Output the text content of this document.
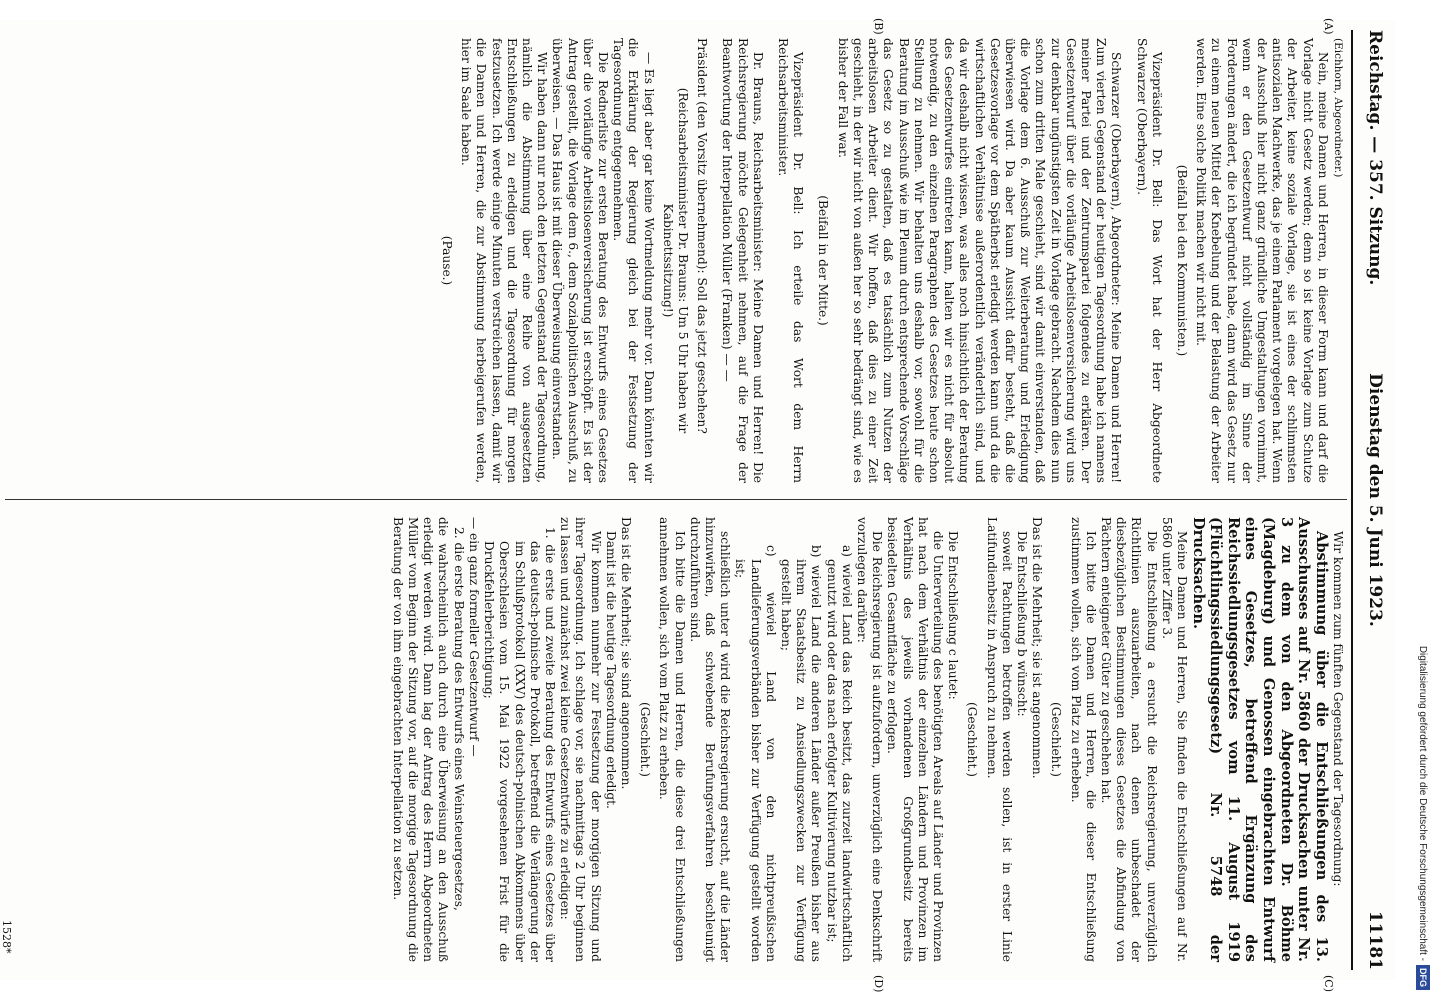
Reichstag. — 357. Sitzung.
Dienstag den 5. Juni 1923.
11181
(A)
(B)
(C)
(D)

(Eichhorn, Abgeordneter.)

Nein, meine Damen und Herren, in dieser Form kann und darf die Vorlage nicht Gesetz werden; denn so ist keine Vorlage zum Schutze der Arbeiter, keine soziale Vorlage, sie ist eines der schlimmsten antisozialen Machwerke, das je einem Parlament vorgelegen hat. Wenn der Ausschuß hier nicht ganz gründliche Umgestaltungen vornimmt, wenn er den Gesetzentwurf nicht vollständig im Sinne der Forderungen ändert, die ich begründet habe, dann wird das Gesetz nur zu einem neuen Mittel der Knebelung und der Belastung der Arbeiter werden. Eine solche Politik machen wir nicht mit.

(Beifall bei den Kommunisten.)

Vizepräsident Dr. Bell: Das Wort hat der Herr Abgeordnete Schwarzer (Oberbayern).

Schwarzer (Oberbayern), Abgeordneter: Meine Damen und Herren! Zum vierten Gegenstand der heutigen Tagesordnung habe ich namens meiner Partei und der Zentrumspartei folgendes zu erklären. Der Gesetzentwurf über die vorläufige Arbeitslosenversicherung wird uns zur denkbar ungünstigsten Zeit in Vorlage gebracht. Nachdem dies nun schon zum dritten Male geschieht, sind wir damit einverstanden, daß die Vorlage dem 6. Ausschuß zur Weiterberatung und Erledigung überwiesen wird. Da aber kaum Aussicht dafür besteht, daß die Gesetzesvorlage vor dem Spätherbst erledigt werden kann und da die wirtschaftlichen Verhältnisse außerordentlich veränderlich sind, und da wir deshalb nicht wissen, was alles noch hinsichtlich der Beratung des Gesetzentwurfes eintreten kann, halten wir es nicht für absolut notwendig, zu den einzelnen Paragraphen des Gesetzes heute schon Stellung zu nehmen. Wir behalten uns deshalb vor, sowohl für die Beratung im Ausschuß wie im Plenum durch entsprechende Vorschläge das Gesetz so zu gestalten, daß es tatsächlich zum Nutzen der arbeitslosen Arbeiter dient. Wir hoffen, daß dies zu einer Zeit geschieht, in der wir nicht von außen her so sehr bedrängt sind, wie es bisher der Fall war.

(Beifall in der Mitte.)

Vizepräsident Dr. Bell: Ich erteile das Wort dem Herrn Reichsarbeitsminister.

Dr. Brauns, Reichsarbeitsminister: Meine Damen und Herren! Die Reichsregierung möchte Gelegenheit nehmen, auf die Frage der Beantwortung der Interpellation Müller (Franken) — —

Präsident (den Vorsitz übernehmend): Soll das jetzt geschehen?

(Reichsarbeitsminister Dr. Brauns: Um 5 Uhr haben wir Kabinettssitzung!)

— Es liegt aber gar keine Wortmeldung mehr vor. Dann könnten wir die Erklärung der Regierung gleich bei der Festsetzung der Tagesordnung entgegennehmen.

Die Rednerliste zur ersten Beratung des Entwurfs eines Gesetzes über die vorläufige Arbeitslosenversicherung ist erschöpft. Es ist der Antrag gestellt, die Vorlage dem 6., dem Sozialpolitischen Ausschuß, zu überweisen. — Das Haus ist mit dieser Überweisung einverstanden.

Wir haben dann nur noch den letzten Gegenstand der Tagesordnung, nämlich die Abstimmung über eine Reihe von ausgesetzten Entschließungen zu erledigen und die Tagesordnung für morgen festzusetzen. Ich werde einige Minuten verstreichen lassen, damit wir die Damen und Herren, die zur Abstimmung herbeigerufen werden, hier im Saale haben.

(Pause.)

Wir kommen zum fünften Gegenstand der Tagesordnung:

Abstimmung über die Entschließungen des 13. Ausschusses auf Nr. 5860 der Drucksachen unter Nr. 3 zu dem von den Abgeordneten Dr. Böhme (Magdeburg) und Genossen eingebrachten Entwurf eines Gesetzes, betreffend Ergänzung des Reichssiedlungsgesetzes vom 11. August 1919 (Flüchtlingssiedlungsgesetz) Nr. 5748 der Drucksachen.

Meine Damen und Herren, Sie finden die Entschließungen auf Nr. 5860 unter Ziffer 3.

Die Entschließung a ersucht die Reichsregierung, unverzüglich Richtlinien auszuarbeiten, nach denen unbeschadet der diesbezüglichen Bestimmungen dieses Gesetzes die Abfindung von Pächtern enteigneter Güter zu geschehen hat.

Ich bitte die Damen und Herren, die dieser Entschließung zustimmen wollen, sich vom Platz zu erheben.

(Geschieht.)

Das ist die Mehrheit; sie ist angenommen.

Die Entschließung b wünscht:

soweit Pachtungen betroffen werden sollen, ist in erster Linie Latifundienbesitz in Anspruch zu nehmen.

(Geschieht.)

Die Entschließung c lautet:

die Unterverteilung des benötigten Areals auf Länder und Provinzen hat nach dem Verhältnis der einzelnen Ländern und Provinzen im Verhältnis des jeweils vorhandenen Großgrundbesitz bereits besiedelten Gesamtfläche zu erfolgen.

Die Reichsregierung ist aufzufordern, unverzüglich eine Denkschrift vorzulegen darüber:

a) wieviel Land das Reich besitzt, das zurzeit landwirtschaftlich genutzt wird oder das nach erfolgter Kultivierung nutzbar ist;

b) wieviel Land die anderen Länder außer Preußen bisher aus ihrem Staatsbesitz zu Ansiedlungszwecken zur Verfügung gestellt haben;

c) wieviel Land von den nichtpreußischen Landlieferungsverbänden bisher zur Verfügung gestellt worden ist;

schließlich unter d wird die Reichsregierung ersucht, auf die Länder hinzuwirken, daß schwebende Berufungsverfahren beschleunigt durchzuführen sind.

Ich bitte die Damen und Herren, die diese drei Entschließungen annehmen wollen, sich vom Platz zu erheben.

(Geschieht.)

Das ist die Mehrheit; sie sind angenommen.

Damit ist die heutige Tagesordnung erledigt.

Wir kommen nunmehr zur Festsetzung der morgigen Sitzung und ihrer Tagesordnung. Ich schlage vor, sie nachmittags 2 Uhr beginnen zu lassen und zunächst zwei kleine Gesetzentwürfe zu erledigen:

1. die erste und zweite Beratung des Entwurfs eines Gesetzes über das deutsch-polnische Protokoll, betreffend die Verlängerung der im Schlußprotokoll (XXV) des deutsch-polnischen Abkommens über Oberschlesien vom 15. Mai 1922 vorgesehenen Frist für die Druckfehlerberichtigung;

— ein ganz formeller Gesetzentwurf —

2. die erste Beratung des Entwurfs eines Weinsteuergesetzes,

die wahrscheinlich auch durch eine Überweisung an den Ausschuß erledigt werden wird. Dann lag der Antrag des Herrn Abgeordneten Müller vom Beginn der Sitzung vor, auf die morgige Tagesordnung die Beratung der von ihm eingebrachten Interpellation zu setzen.

1528*	Digitalisierung gefördert durch die Deutsche Forschungsgemeinschaft -DFG
